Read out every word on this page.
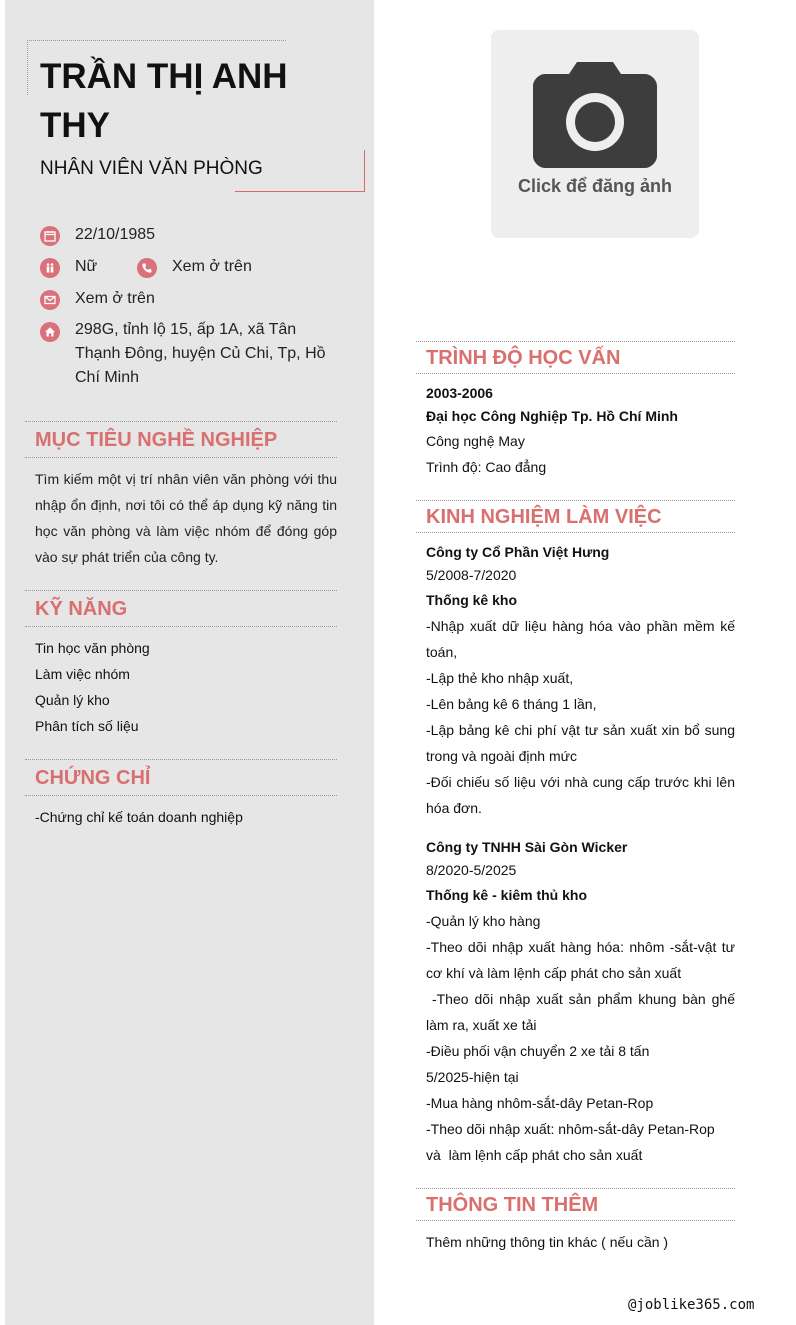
TRẦN THỊ ANH THY

NHÂN VIÊN VĂN PHÒNG

22/10/1985
Nữ	Xem ở trên
Xem ở trên
298G, tỉnh lộ 15, ấp 1A, xã Tân Thạnh Đông, huyện Củ Chi, Tp, Hồ Chí Minh
MỤC TIÊU NGHỀ NGHIỆP

Tìm kiếm một vị trí nhân viên văn phòng với thu nhập ổn định, nơi tôi có thể áp dụng kỹ năng tin học văn phòng và làm việc nhóm để đóng góp vào sự phát triển của công ty.

KỸ NĂNG
Tin học văn phòng
Làm việc nhóm
Quản lý kho
Phân tích số liệu
CHỨNG CHỈ
-Chứng chỉ kế toán doanh nghiệp
Click để đăng ảnh
TRÌNH ĐỘ HỌC VẤN
2003-2006
Đại học Công Nghiệp Tp. Hồ Chí Minh
Công nghệ May
Trình độ: Cao đẳng
KINH NGHIỆM LÀM VIỆC
Công ty Cổ Phần Việt Hưng
5/2008-7/2020
Thống kê kho
-Nhập xuất dữ liệu hàng hóa vào phần mềm kế toán,
-Lập thẻ kho nhập xuất,
-Lên bảng kê 6 tháng 1 lần,
-Lập bảng kê chi phí vật tư sản xuất xin bổ sung trong và ngoài định mức
-Đối chiếu số liệu với nhà cung cấp trước khi lên hóa đơn.
Công ty TNHH Sài Gòn Wicker
8/2020-5/2025
Thống kê - kiêm thủ kho
-Quản lý kho hàng
-Theo dõi nhập xuất hàng hóa: nhôm -sắt-vật tư cơ khí và làm lệnh cấp phát cho sản xuất
-Theo dõi nhập xuất sản phẩm khung bàn ghế làm ra, xuất xe tải
-Điều phối vận chuyển 2 xe tải 8 tấn
5/2025-hiện tại
-Mua hàng nhôm-sắt-dây Petan-Rop
-Theo dõi nhập xuất: nhôm-sắt-dây Petan-Rop
và  làm lệnh cấp phát cho sản xuất
THÔNG TIN THÊM
Thêm những thông tin khác ( nếu cần )
@joblike365.com
